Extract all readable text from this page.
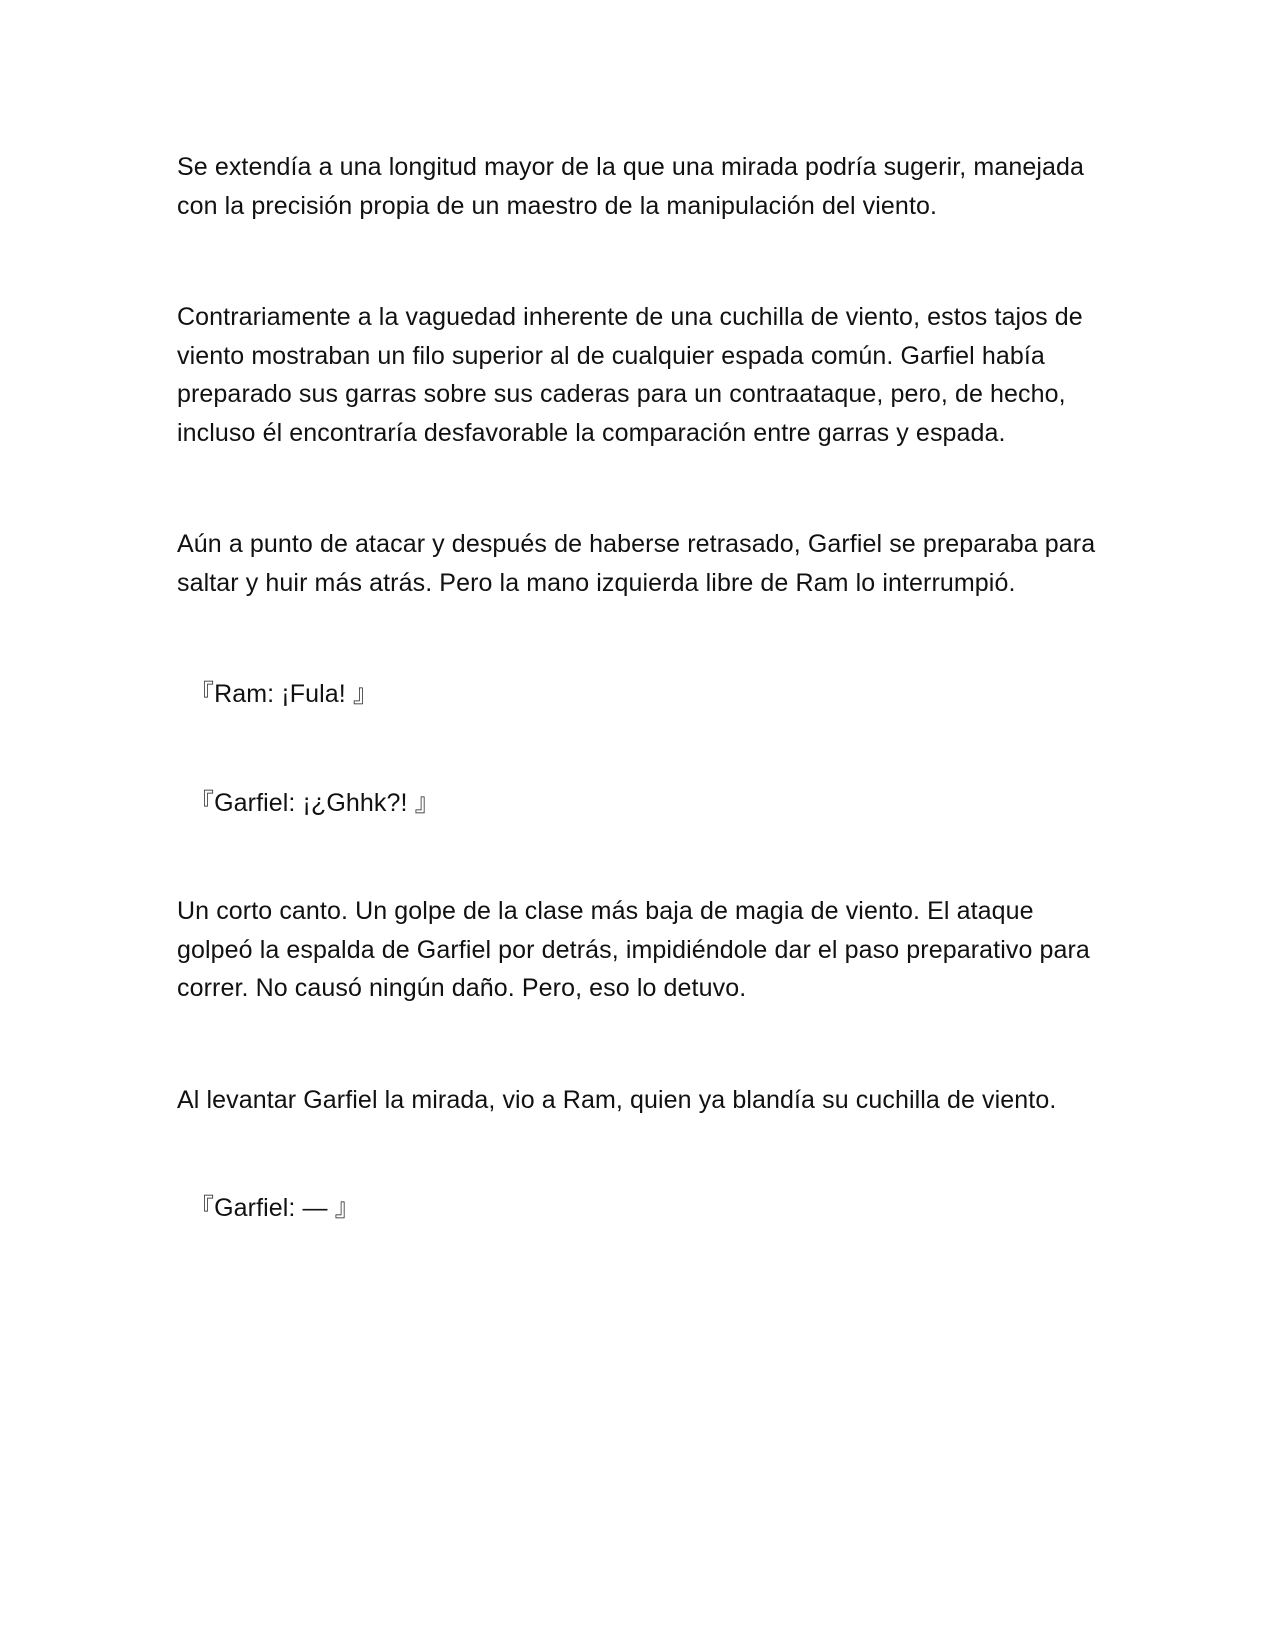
Se extendía a una longitud mayor de la que una mirada podría sugerir, manejada con la precisión propia de un maestro de la manipulación del viento.

Contrariamente a la vaguedad inherente de una cuchilla de viento, estos tajos de viento mostraban un filo superior al de cualquier espada común. Garfiel había preparado sus garras sobre sus caderas para un contraataque, pero, de hecho, incluso él encontraría desfavorable la comparación entre garras y espada.

Aún a punto de atacar y después de haberse retrasado, Garfiel se preparaba para saltar y huir más atrás. Pero la mano izquierda libre de Ram lo interrumpió.

『Ram: ¡Fula! 』

『Garfiel: ¡¿Ghhk?! 』

Un corto canto. Un golpe de la clase más baja de magia de viento. El ataque golpeó la espalda de Garfiel por detrás, impidiéndole dar el paso preparativo para correr. No causó ningún daño. Pero, eso lo detuvo.

Al levantar Garfiel la mirada, vio a Ram, quien ya blandía su cuchilla de viento.

『Garfiel: — 』
